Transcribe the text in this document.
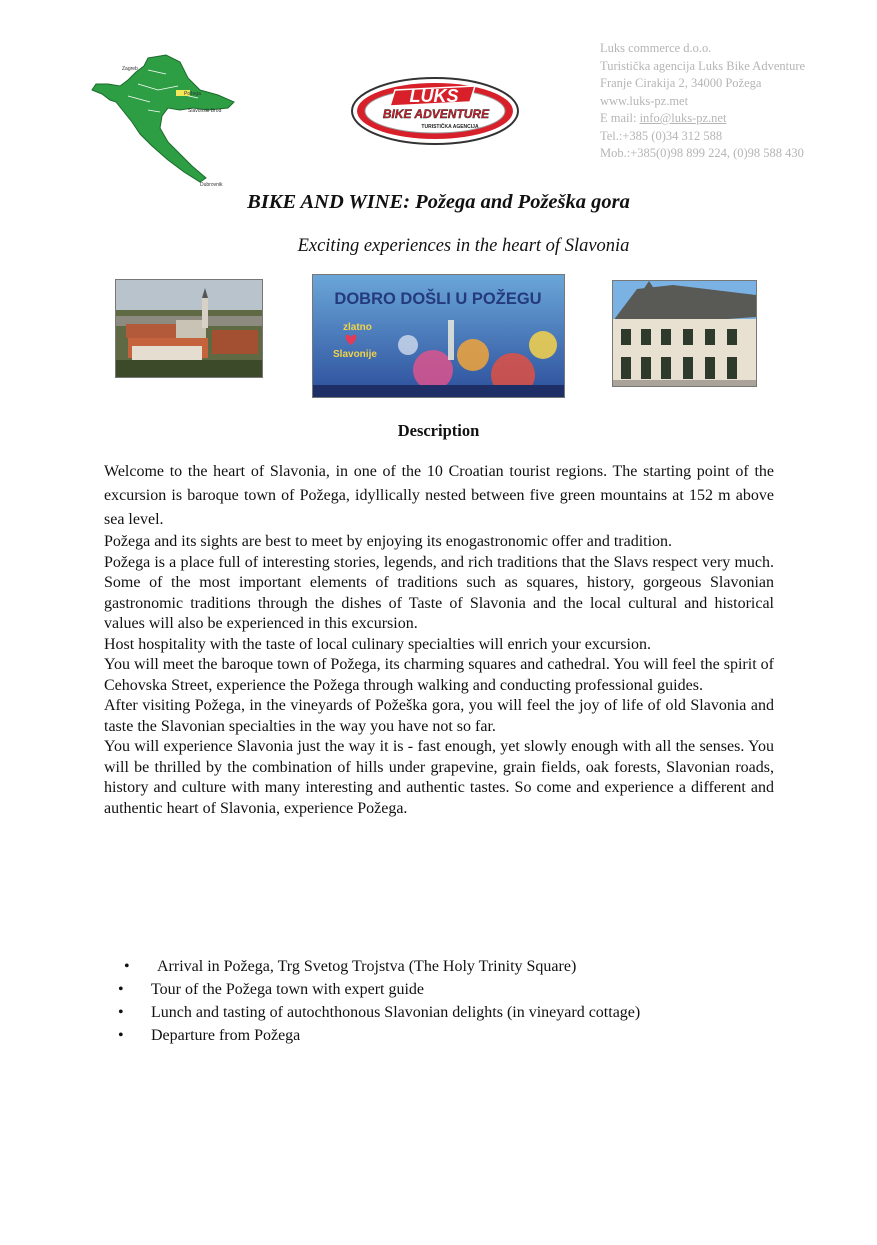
Zagreb
Požega
Slavonski Brod
Dubrovnik
LUKS
BIKE ADVENTURE
TURISTIČKA AGENCIJA
Luks commerce d.o.o.
Turistička agencija Luks Bike Adventure
Franje Cirakija 2, 34000 Požega
www.luks-pz.met
E mail: info@luks-pz.net
Tel.:+385 (0)34 312 588
Mob.:+385(0)98 899 224, (0)98 588 430
BIKE AND WINE: Požega and Požeška gora
Exciting experiences in the heart of Slavonia
DOBRO DOŠLI U POŽEGU
zlatno
Slavonije
Description
Welcome to the heart of Slavonia, in one of the 10 Croatian tourist regions. The starting point of the excursion is baroque town of Požega, idyllically nested between five green mountains at 152 m above sea level.
Požega and its sights are best to meet by enjoying its enogastronomic offer and tradition.
Požega is a place full of interesting stories, legends, and rich traditions that the Slavs respect very much. Some of the most important elements of traditions such as squares, history, gorgeous Slavonian gastronomic traditions through the dishes of Taste of Slavonia and the local cultural and historical values will also be experienced in this excursion.
Host hospitality with the taste of local culinary specialties will enrich your excursion.
You will meet the baroque town of Požega, its charming squares and cathedral. You will feel the spirit of Cehovska Street, experience the Požega through walking and conducting professional guides.
After visiting Požega, in the vineyards of Požeška gora, you will feel the joy of life of old Slavonia and taste the Slavonian specialties in the way you have not so far.
You will experience Slavonia just the way it is - fast enough, yet slowly enough with all the senses. You will be thrilled by the combination of hills under grapevine, grain fields, oak forests, Slavonian roads, history and culture with many interesting and authentic tastes. So come and experience a different and authentic heart of Slavonia, experience Požega.
• Arrival in Požega, Trg Svetog Trojstva (The Holy Trinity Square)
• Tour of the Požega town with expert guide
• Lunch and tasting of autochthonous Slavonian delights (in vineyard cottage)
• Departure from Požega
